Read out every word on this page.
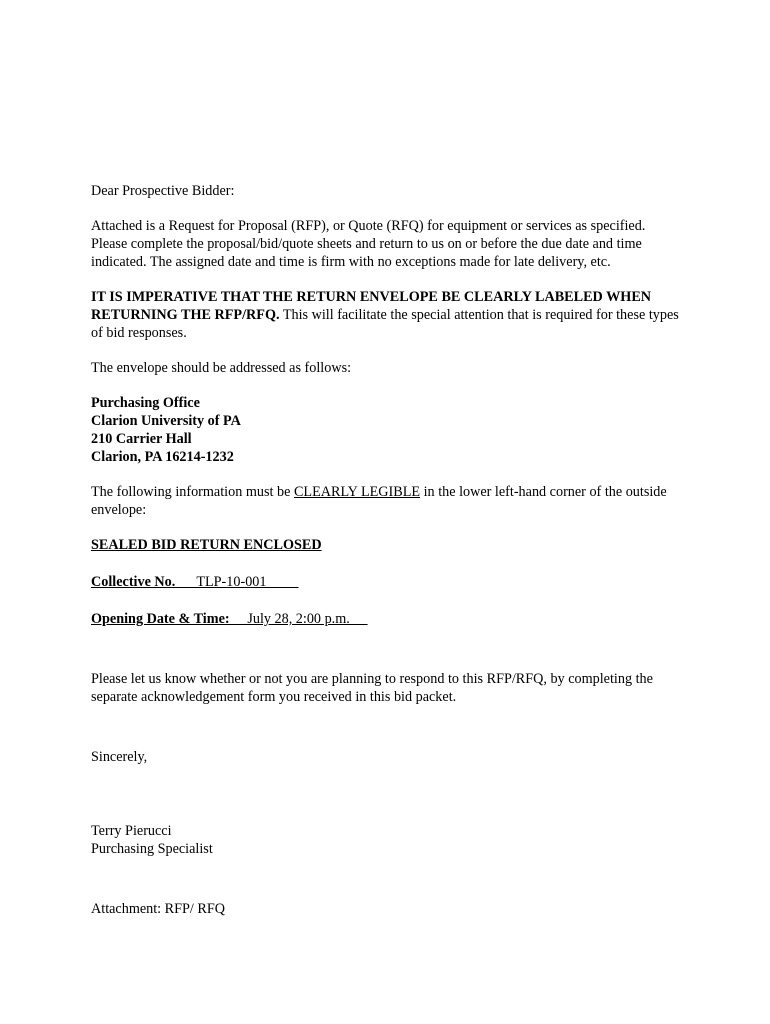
Dear Prospective Bidder:

Attached is a Request for Proposal (RFP), or Quote (RFQ) for equipment or services as specified. Please complete the proposal/bid/quote sheets and return to us on or before the due date and time indicated. The assigned date and time is firm with no exceptions made for late delivery, etc.

IT IS IMPERATIVE THAT THE RETURN ENVELOPE BE CLEARLY LABELED WHEN RETURNING THE RFP/RFQ. This will facilitate the special attention that is required for these types of bid responses.

The envelope should be addressed as follows:

Purchasing Office

Clarion University of PA

210 Carrier Hall

Clarion, PA 16214-1232

The following information must be CLEARLY LEGIBLE in the lower left-hand corner of the outside envelope:

SEALED BID RETURN ENCLOSED

Collective No.      TLP-10-001

Opening Date & Time:     July 28, 2:00 p.m.

Please let us know whether or not you are planning to respond to this RFP/RFQ, by completing the separate acknowledgement form you received in this bid packet.

Sincerely,

Terry Pierucci

Purchasing Specialist

Attachment: RFP/ RFQ
